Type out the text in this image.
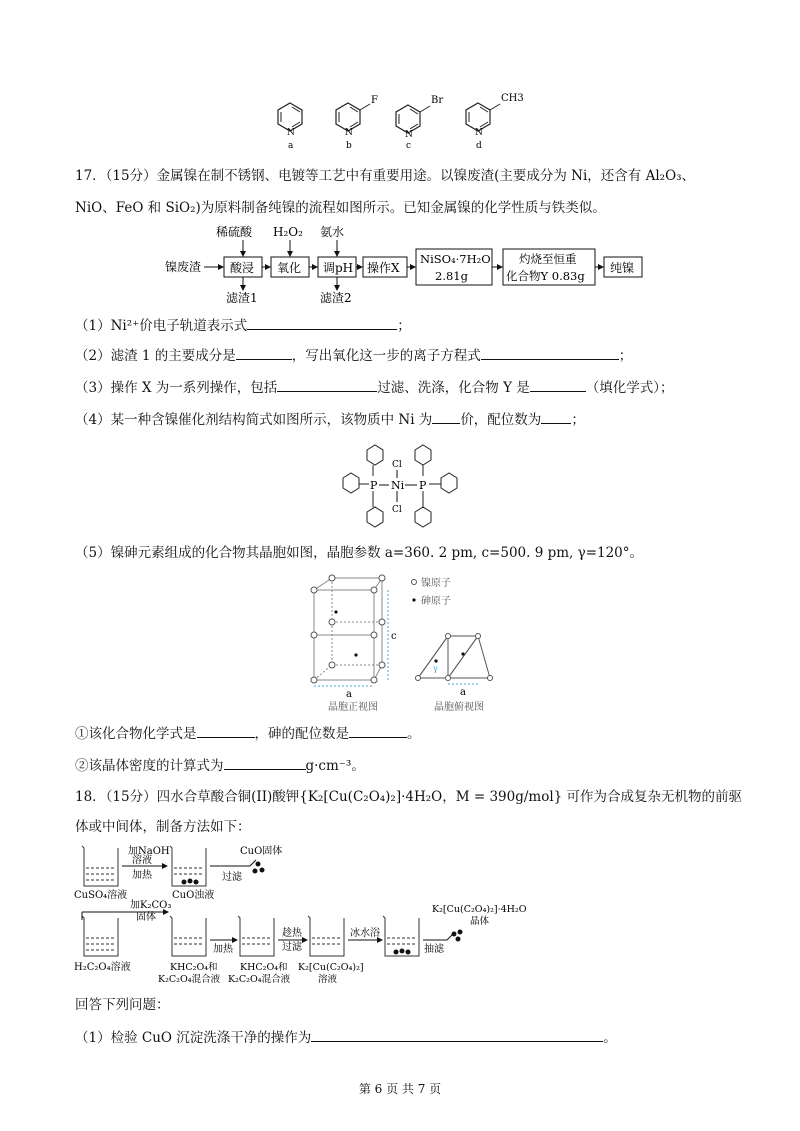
N
a
F
N
b
Br
N
c
CH3
N
d
17．（15分）金属镍在制不锈钢、电镀等工艺中有重要用途。以镍废渣(主要成分为 Ni，还含有 Al₂O₃、
NiO、FeO 和 SiO₂)为原料制备纯镍的流程如图所示。已知金属镍的化学性质与铁类似。
镍废渣 酸浸
稀硫酸
滤渣1
氧化
H₂O₂
调pH
氨水
滤渣2
操作X
NiSO₄·7H₂O
2.81g
灼烧至恒重
化合物Y 0.83g
纯镍
（1）Ni²⁺价电子轨道表示式	；
（2）滤渣 1 的主要成分是	，写出氧化这一步的离子方程式	；
（3）操作 X 为一系列操作，包括	过滤、洗涤，化合物 Y 是	（填化学式）；
（4）某一种含镍催化剂结构简式如图所示，该物质中 Ni 为 价，配位数为 ；
Ni
Cl
Cl
P	P
（5）镍砷元素组成的化合物其晶胞如图，晶胞参数 a=360. 2 pm, c=500. 9 pm, γ=120°。
c
a
晶胞正视图
镍原子
砷原子
γ
a
晶胞俯视图
①该化合物化学式是	，砷的配位数是	。
②该晶体密度的计算式为	g·cm⁻³。
18．（15分）四水合草酸合铜(II)酸钾{K₂[Cu(C₂O₄)₂]·4H₂O，M = 390g/mol} 可作为合成复杂无机物的前驱
体或中间体，制备方法如下：
CuSO₄溶液
加NaOH
溶液
加热
CuO浊液
过滤
CuO固体
H₂C₂O₄溶液
加K₂CO₃
固体
KHC₂O₄和
K₂C₂O₄混合液
加热
KHC₂O₄和
K₂C₂O₄混合液
趁热
过滤
K₂[Cu(C₂O₄)₂]
溶液
冰水浴
抽滤
K₂[Cu(C₂O₄)₂]·4H₂O
晶体
回答下列问题：
（1）检验 CuO 沉淀洗涤干净的操作为	。
第 6 页 共 7 页
